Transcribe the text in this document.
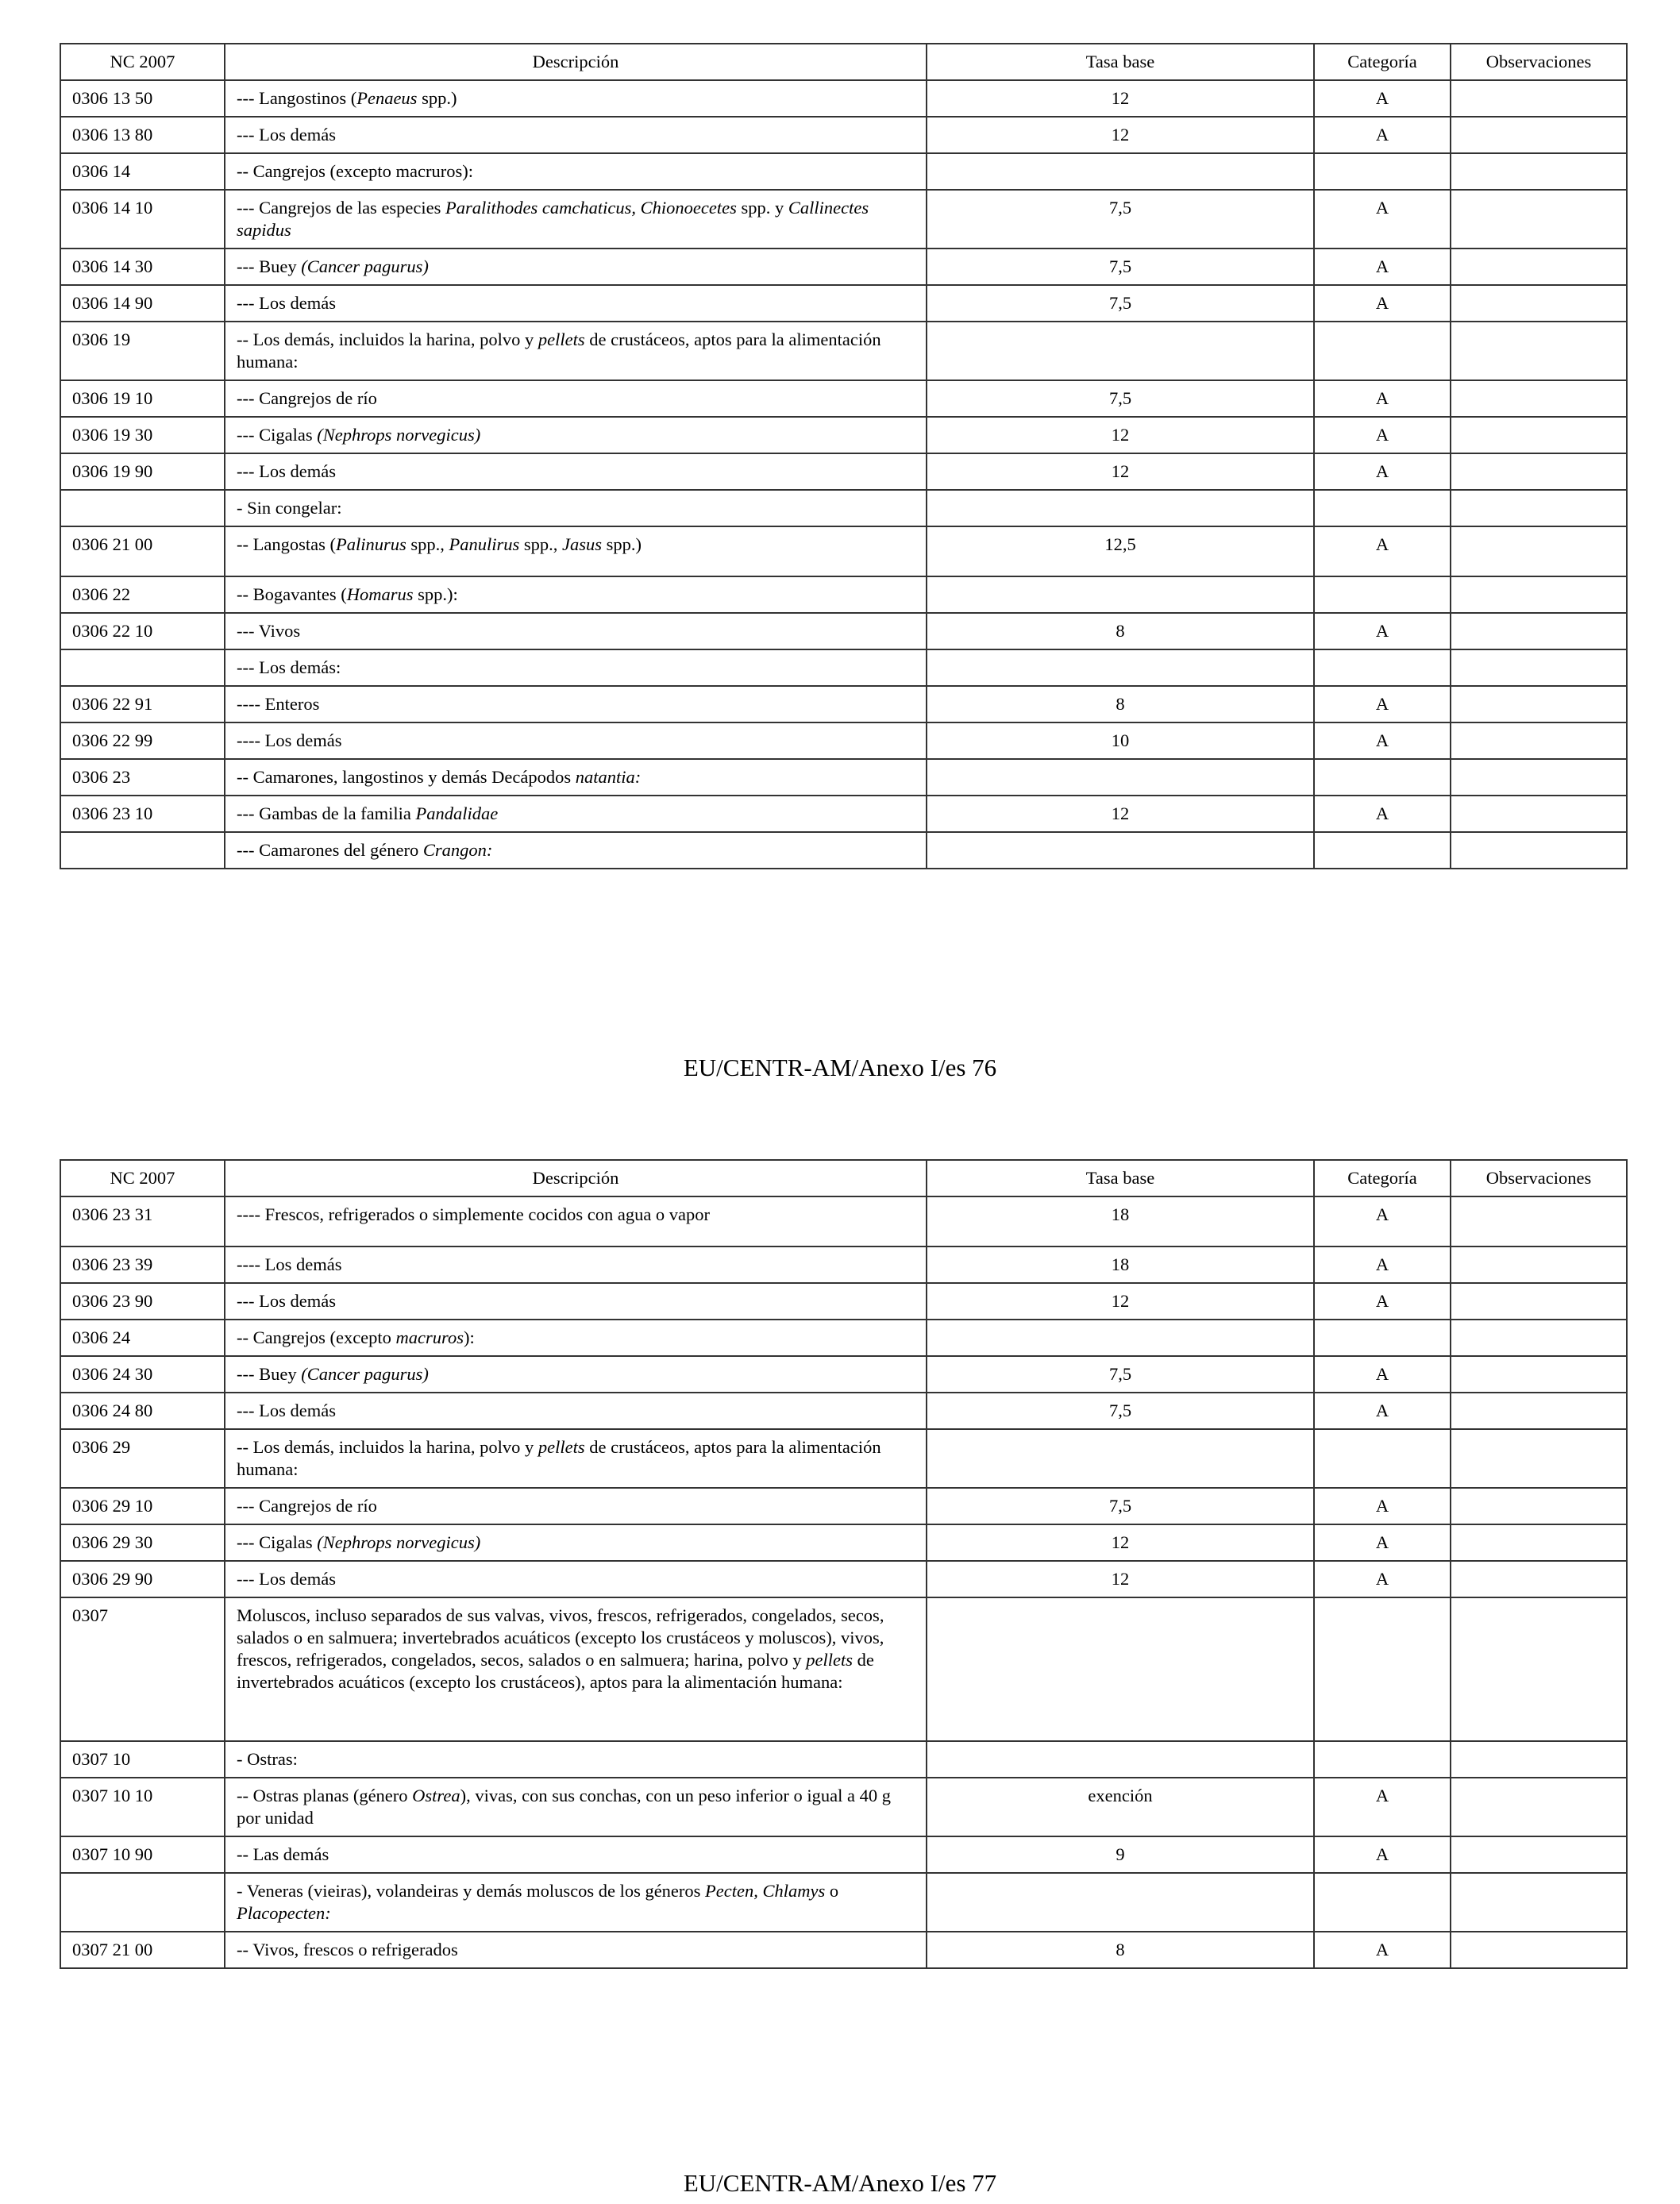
NC 2007	Descripción	Tasa base	Categoría	Observaciones
0306 13 50	--- Langostinos (Penaeus spp.)	12	A	
0306 13 80	--- Los demás	12	A	
0306 14	-- Cangrejos (excepto macruros):			
0306 14 10	--- Cangrejos de las especies Paralithodes camchaticus, Chionoecetes spp. y Callinectes sapidus	7,5	A	
0306 14 30	--- Buey (Cancer pagurus)	7,5	A	
0306 14 90	--- Los demás	7,5	A	
0306 19	-- Los demás, incluidos la harina, polvo y pellets de crustáceos, aptos para la alimentación humana:			
0306 19 10	--- Cangrejos de río	7,5	A	
0306 19 30	--- Cigalas (Nephrops norvegicus)	12	A	
0306 19 90	--- Los demás	12	A	
	- Sin congelar:			
0306 21 00	-- Langostas (Palinurus spp., Panulirus spp., Jasus spp.)	12,5	A	
0306 22	-- Bogavantes (Homarus spp.):			
0306 22 10	--- Vivos	8	A	
	--- Los demás:			
0306 22 91	---- Enteros	8	A	
0306 22 99	---- Los demás	10	A	
0306 23	-- Camarones, langostinos y demás Decápodos natantia:			
0306 23 10	--- Gambas de la familia Pandalidae	12	A	
	--- Camarones del género Crangon:			
EU/CENTR-AM/Anexo I/es 76
NC 2007	Descripción	Tasa base	Categoría	Observaciones
0306 23 31	---- Frescos, refrigerados o simplemente cocidos con agua o vapor	18	A	
0306 23 39	---- Los demás	18	A	
0306 23 90	--- Los demás	12	A	
0306 24	-- Cangrejos (excepto macruros):			
0306 24 30	--- Buey (Cancer pagurus)	7,5	A	
0306 24 80	--- Los demás	7,5	A	
0306 29	-- Los demás, incluidos la harina, polvo y pellets de crustáceos, aptos para la alimentación humana:			
0306 29 10	--- Cangrejos de río	7,5	A	
0306 29 30	--- Cigalas (Nephrops norvegicus)	12	A	
0306 29 90	--- Los demás	12	A	
0307	Moluscos, incluso separados de sus valvas, vivos, frescos, refrigerados, congelados, secos, salados o en salmuera; invertebrados acuáticos (excepto los crustáceos y moluscos), vivos, frescos, refrigerados, congelados, secos, salados o en salmuera; harina, polvo y pellets de invertebrados acuáticos (excepto los crustáceos), aptos para la alimentación humana:			
0307 10	- Ostras:			
0307 10 10	-- Ostras planas (género Ostrea), vivas, con sus conchas, con un peso inferior o igual a 40 g por unidad	exención	A	
0307 10 90	-- Las demás	9	A	
	- Veneras (vieiras), volandeiras y demás moluscos de los géneros Pecten, Chlamys o Placopecten:			
0307 21 00	-- Vivos, frescos o refrigerados	8	A	
EU/CENTR-AM/Anexo I/es 77
